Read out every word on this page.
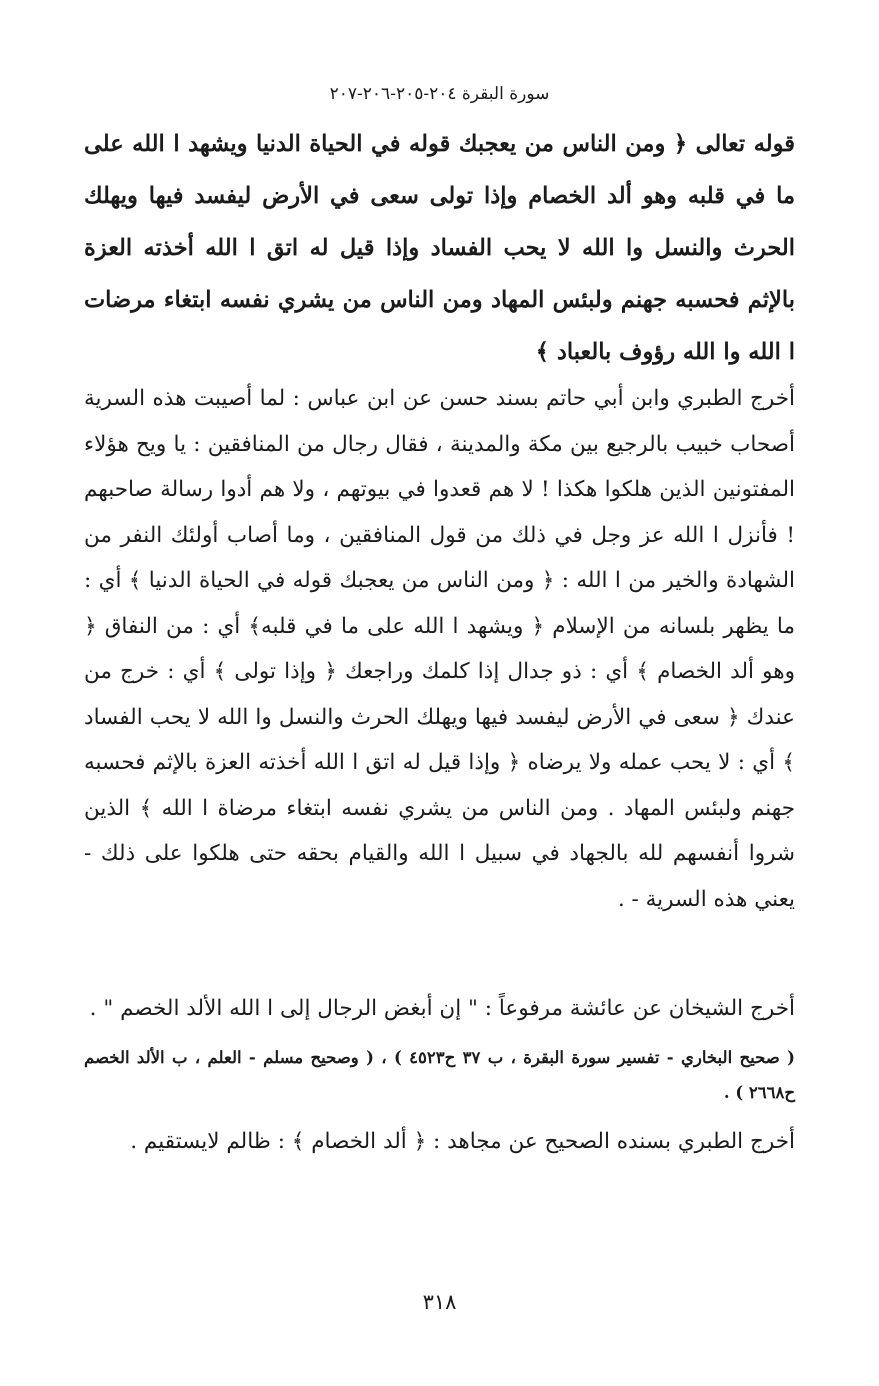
سورة البقرة ٢٠٤-٢٠٥-٢٠٦-٢٠٧
قوله تعالى ﴿ ومن الناس من يعجبك قوله في الحياة الدنيا ويشهد ا الله على ما في قلبه وهو ألد الخصام وإذا تولى سعى في الأرض ليفسد فيها ويهلك الحرث والنسل وا الله لا يحب الفساد وإذا قيل له اتق ا الله أخذته العزة بالإثم فحسبه جهنم ولبئس المهاد ومن الناس من يشري نفسه ابتغاء مرضات ا الله وا الله رؤوف بالعباد ﴾
أخرج الطبري وابن أبي حاتم بسند حسن عن ابن عباس : لما أصيبت هذه السرية أصحاب خبيب بالرجيع بين مكة والمدينة ، فقال رجال من المنافقين : يا ويح هؤلاء المفتونين الذين هلكوا هكذا ! لا هم قعدوا في بيوتهم ، ولا هم أدوا رسالة صاحبهم ! فأنزل ا الله عز وجل في ذلك من قول المنافقين ، وما أصاب أولئك النفر من الشهادة والخير من ا الله : ﴿ ومن الناس من يعجبك قوله في الحياة الدنيا ﴾ أي : ما يظهر بلسانه من الإسلام ﴿ ويشهد ا الله على ما في قلبه﴾ أي : من النفاق ﴿ وهو ألد الخصام ﴾ أي : ذو جدال إذا كلمك وراجعك ﴿ وإذا تولى ﴾ أي : خرج من عندك ﴿ سعى في الأرض ليفسد فيها ويهلك الحرث والنسل وا الله لا يحب الفساد ﴾ أي : لا يحب عمله ولا يرضاه ﴿ وإذا قيل له اتق ا الله أخذته العزة بالإثم فحسبه جهنم ولبئس المهاد . ومن الناس من يشري نفسه ابتغاء مرضاة ا الله ﴾ الذين شروا أنفسهم لله بالجهاد في سبيل ا الله والقيام بحقه حتى هلكوا على ذلك - يعني هذه السرية - .
أخرج الشيخان عن عائشة مرفوعاً : " إن أبغض الرجال إلى ا الله الألد الخصم " .
( صحيح البخاري - تفسير سورة البقرة ، ب ٣٧ ح٤٥٢٣ ) ، ( وصحيح مسلم - العلم ، ب الألد الخصم ح٢٦٦٨ ) .
أخرج الطبري بسنده الصحيح عن مجاهد : ﴿ ألد الخصام ﴾ : ظالم لايستقيم .
٣١٨
